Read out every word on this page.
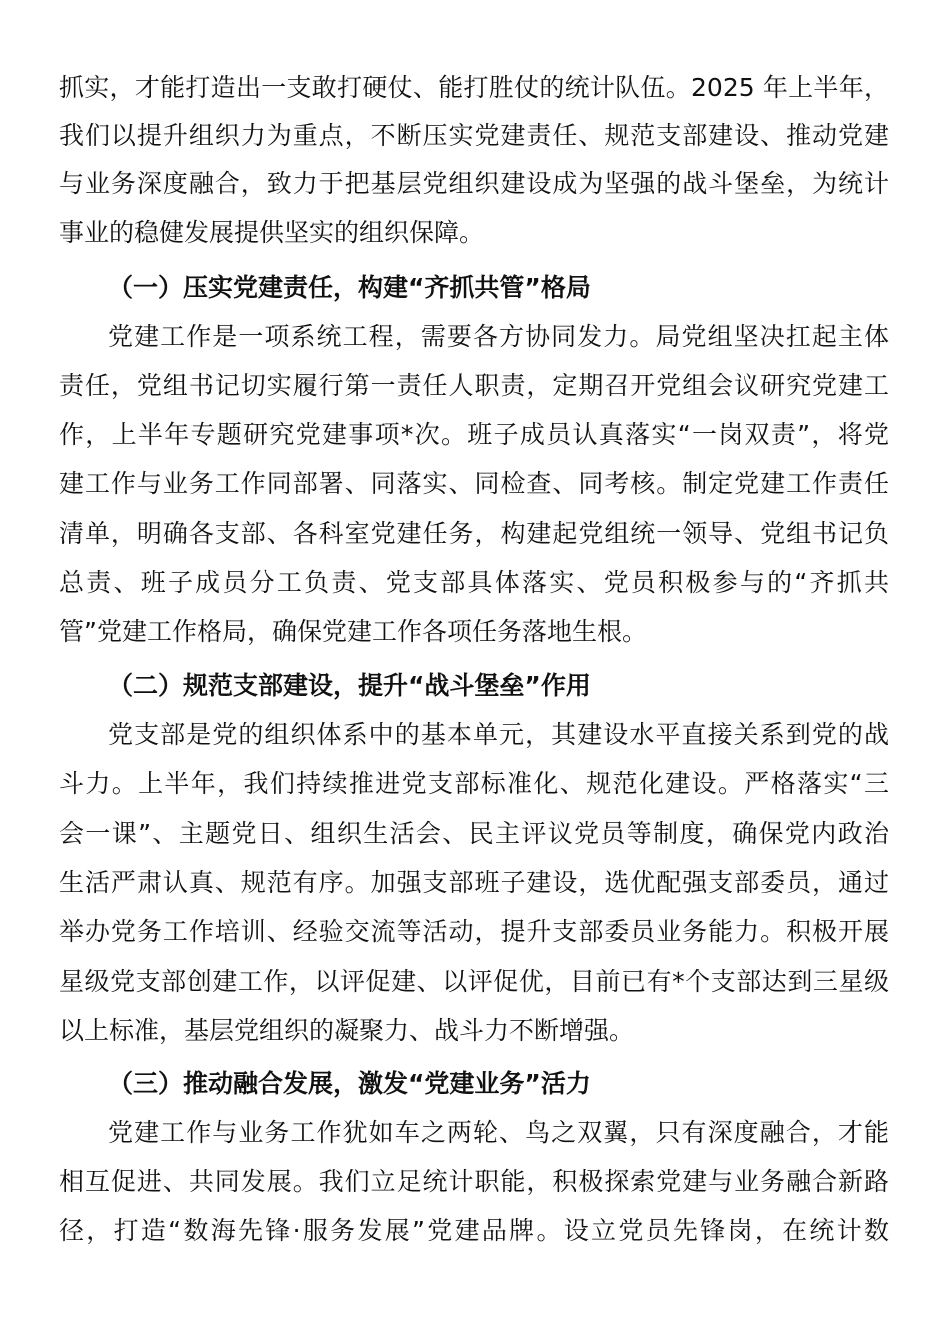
抓实，才能打造出一支敢打硬仗、能打胜仗的统计队伍。2025 年上半年，
我们以提升组织力为重点，不断压实党建责任、规范支部建设、推动党建
与业务深度融合，致力于把基层党组织建设成为坚强的战斗堡垒，为统计
事业的稳健发展提供坚实的组织保障。
（一）压实党建责任，构建“齐抓共管”格局
党建工作是一项系统工程，需要各方协同发力。局党组坚决扛起主体
责任，党组书记切实履行第一责任人职责，定期召开党组会议研究党建工
作，上半年专题研究党建事项*次。班子成员认真落实“一岗双责”，将党
建工作与业务工作同部署、同落实、同检查、同考核。制定党建工作责任
清单，明确各支部、各科室党建任务，构建起党组统一领导、党组书记负
总责、班子成员分工负责、党支部具体落实、党员积极参与的“齐抓共
管”党建工作格局，确保党建工作各项任务落地生根。
（二）规范支部建设，提升“战斗堡垒”作用
党支部是党的组织体系中的基本单元，其建设水平直接关系到党的战
斗力。上半年，我们持续推进党支部标准化、规范化建设。严格落实“三
会一课”、主题党日、组织生活会、民主评议党员等制度，确保党内政治
生活严肃认真、规范有序。加强支部班子建设，选优配强支部委员，通过
举办党务工作培训、经验交流等活动，提升支部委员业务能力。积极开展
星级党支部创建工作，以评促建、以评促优，目前已有*个支部达到三星级
以上标准，基层党组织的凝聚力、战斗力不断增强。
（三）推动融合发展，激发“党建业务”活力
党建工作与业务工作犹如车之两轮、鸟之双翼，只有深度融合，才能
相互促进、共同发展。我们立足统计职能，积极探索党建与业务融合新路
径，打造“数海先锋·服务发展”党建品牌。设立党员先锋岗，在统计数
